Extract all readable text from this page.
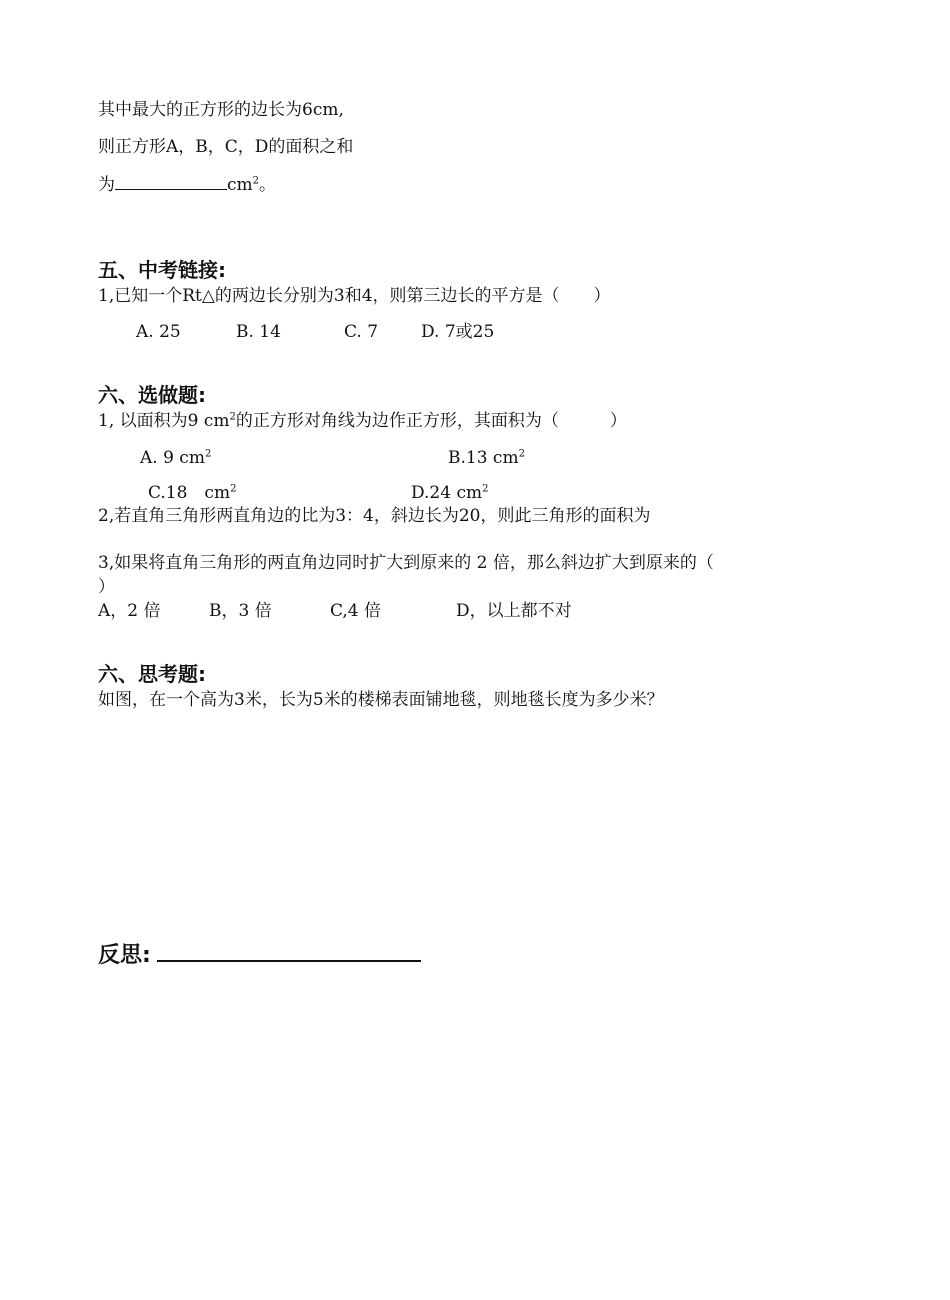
其中最大的正方形的边长为6cm,
则正方形A，B，C，D的面积之和
为	$cm^2$。
五、中考链接:
1,已知一个Rt△的两边长分别为3和4，则第三边长的平方是（　　）
A. 25	B. 14	C. 7	D. 7或25
六、选做题:
1, 以面积为9 $cm^2$的正方形对角线为边作正方形，其面积为（　　　）
A. 9 $cm^2$	B.13 $cm^2$
C.18　$cm^2$	D.24 $cm^2$
2,若直角三角形两直角边的比为3：4，斜边长为20，则此三角形的面积为
3,如果将直角三角形的两直角边同时扩大到原来的 2 倍，那么斜边扩大到原来的（
）
A，2 倍	B，3 倍	C,4 倍	D，以上都不对
六、思考题:
如图，在一个高为3米，长为5米的楼梯表面铺地毯，则地毯长度为多少米？
反思:
